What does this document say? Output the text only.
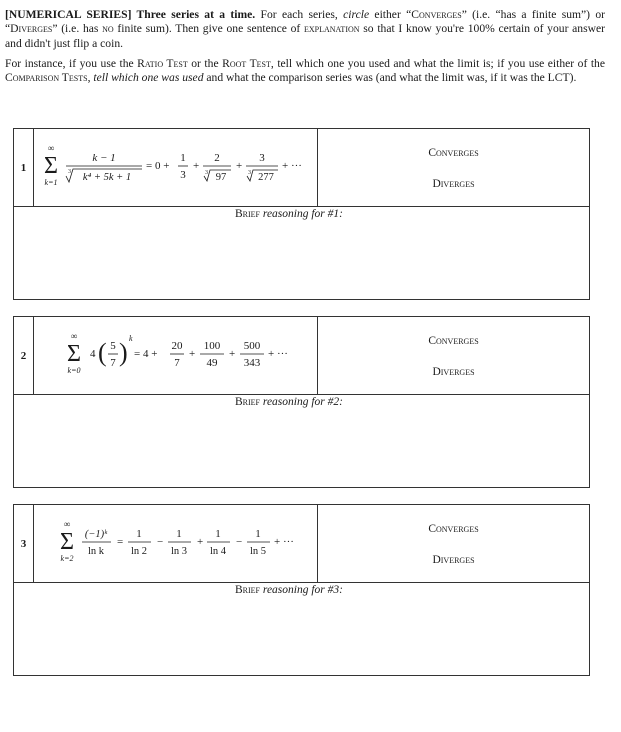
[NUMERICAL SERIES] Three series at a time. For each series, circle either “Converges” (i.e. “has a finite sum”) or “Diverges” (i.e. has no finite sum). Then give one sentence of explanation so that I know you're 100% certain of your answer and didn't just flip a coin.

For instance, if you use the Ratio Test or the Root Test, tell which one you used and what the limit is; if you use either of the Comparison Tests, tell which one was used and what the comparison series was (and what the limit was, if it was the LCT).

1
∞
Σ
k=1
k − 1
3 k⁴ + 5k + 1
= 0 +
1
3
+
2
3 97
+
3
3 277
+ ···
Converges
Diverges
Brief reasoning for #1:
2
∞
Σ
k=0
4 ( 5
7 ) k
= 4 +
20
7
+
100
49
+
500
343
+ ···
Converges
Diverges
Brief reasoning for #2:
3
∞
Σ
k=2
(−1)ᵏ
ln k
=
1
ln 2
−
1
ln 3
+
1
ln 4
−
1
ln 5
+ ···
Converges
Diverges
Brief reasoning for #3:
